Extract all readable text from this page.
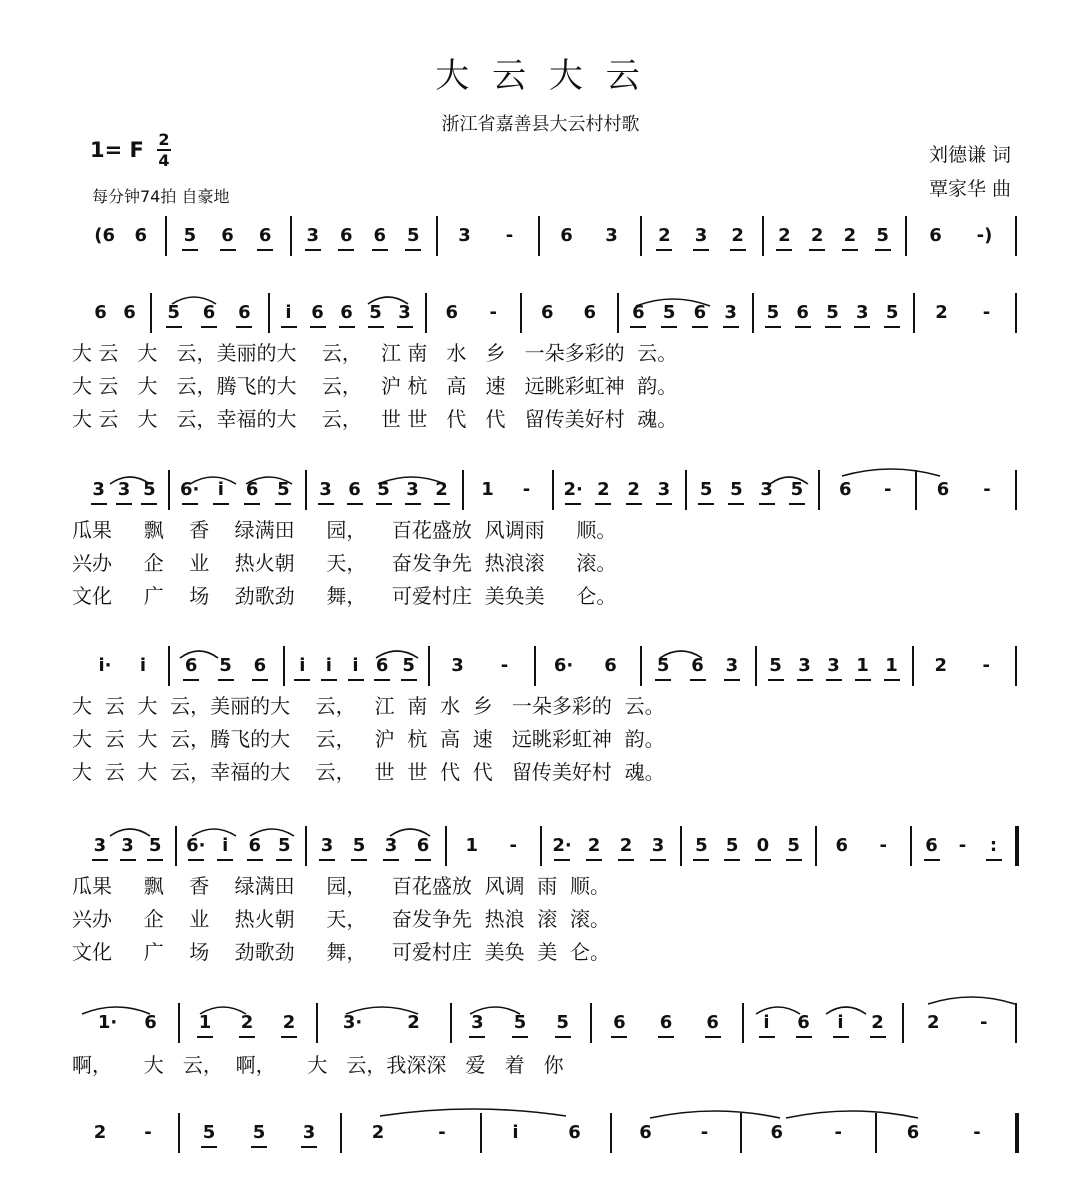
大 云 大 云
浙江省嘉善县大云村村歌
1= F 2
4
每分钟74拍 自豪地
刘德谦 词
覃家华 曲
(6 6 5 6 6 3 6 6 5 3	-	6 3 2 3 2 2 2 2 5 6 -)
6 6 5 6 6	i	6 6 5 3 6	-	6 6 6 5 6 3 5 6 5 3 5 2	-
大 云   大   云，美丽的大    云，   江 南   水   乡   一朵多彩的  云。
大 云   大   云，腾飞的大    云，   沪 杭   高   速   远眺彩虹神  韵。
大 云   大   云，幸福的大    云，   世 世   代   代   留传美好村  魂。
3 3 5 6·	i	6 5 3 6 5 3 2 1	-	2· 2 2 3 5 5 3 5 6	-	6	-
瓜果     飘    香    绿满田     园，    百花盛放  风调雨     顺。
兴办     企    业    热火朝     天，    奋发争先  热浪滚     滚。
文化     广    场    劲歌劲     舞，    可爱村庄  美奂美     仑。
i·	i	6 5 6	i	i	i 6 5 3	-	6· 6 5 6 3 5 3 3 1 1 2	-
大  云  大  云，美丽的大    云，   江  南  水  乡   一朵多彩的  云。
大  云  大  云，腾飞的大    云，   沪  杭  高  速   远眺彩虹神  韵。
大  云  大  云，幸福的大    云，   世  世  代  代   留传美好村  魂。
3 3 5 6· i	6 5 3 5 3 6 1	-	2· 2 2 3 5 5 0 5 6	-	6	-	:
瓜果     飘    香    绿满田     园，    百花盛放  风调  雨  顺。
兴办     企    业    热火朝     天，    奋发争先  热浪  滚  滚。
文化     广    场    劲歌劲     舞，    可爱村庄  美奂  美  仑。
1· 6 1 2 2	3·	2	3 5 5 6 6 6	i	6	i	2 2	-
啊，     大   云，  啊，     大   云，我深深   爱   着   你
2	-	5 5 3	2	-	i	6	6	-	6	-	6	-
